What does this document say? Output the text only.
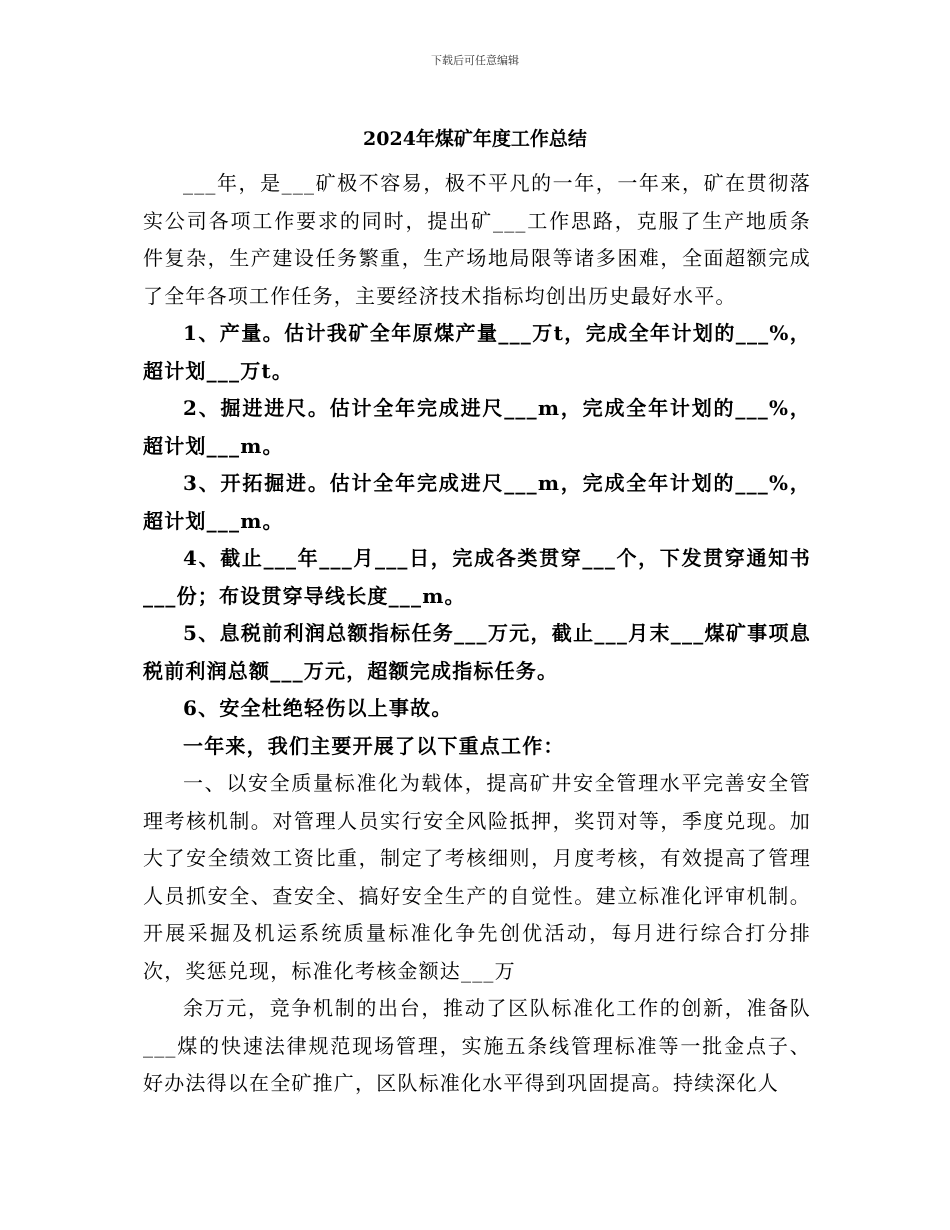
下载后可任意编辑
2024年煤矿年度工作总结

___年，是___矿极不容易，极不平凡的一年，一年来，矿在贯彻落实公司各项工作要求的同时，提出矿___工作思路，克服了生产地质条件复杂，生产建设任务繁重，生产场地局限等诸多困难，全面超额完成了全年各项工作任务，主要经济技术指标均创出历史最好水平。

1、产量。估计我矿全年原煤产量___万t，完成全年计划的___%，超计划___万t。

2、掘进进尺。估计全年完成进尺___m，完成全年计划的___%，超计划___m。

3、开拓掘进。估计全年完成进尺___m，完成全年计划的___%，超计划___m。

4、截止___年___月___日，完成各类贯穿___个，下发贯穿通知书___份；布设贯穿导线长度___m。

5、息税前利润总额指标任务___万元，截止___月末___煤矿事项息税前利润总额___万元，超额完成指标任务。

6、安全杜绝轻伤以上事故。

一年来，我们主要开展了以下重点工作：

一、以安全质量标准化为载体，提高矿井安全管理水平完善安全管理考核机制。对管理人员实行安全风险抵押，奖罚对等，季度兑现。加大了安全绩效工资比重，制定了考核细则，月度考核，有效提高了管理人员抓安全、查安全、搞好安全生产的自觉性。建立标准化评审机制。开展采掘及机运系统质量标准化争先创优活动，每月进行综合打分排次，奖惩兑现，标准化考核金额达___万

余万元，竞争机制的出台，推动了区队标准化工作的创新，准备队___煤的快速法律规范现场管理，实施五条线管理标准等一批金点子、好办法得以在全矿推广，区队标准化水平得到巩固提高。持续深化人
